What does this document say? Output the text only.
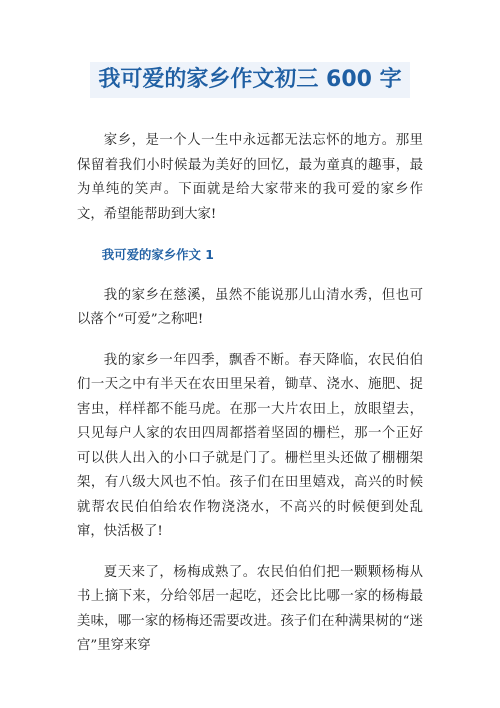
我可爱的家乡作文初三 600 字

家乡，是一个人一生中永远都无法忘怀的地方。那里保留着我们小时候最为美好的回忆，最为童真的趣事，最为单纯的笑声。下面就是给大家带来的我可爱的家乡作文，希望能帮助到大家!

我可爱的家乡作文 1

我的家乡在慈溪，虽然不能说那儿山清水秀，但也可以落个“可爱”之称吧!

我的家乡一年四季，飘香不断。春天降临，农民伯伯们一天之中有半天在农田里呆着，锄草、浇水、施肥、捉害虫，样样都不能马虎。在那一大片农田上，放眼望去，只见每户人家的农田四周都搭着坚固的栅栏，那一个正好可以供人出入的小口子就是门了。栅栏里头还做了棚棚架架，有八级大风也不怕。孩子们在田里嬉戏，高兴的时候就帮农民伯伯给农作物浇浇水，不高兴的时候便到处乱窜，快活极了!

夏天来了，杨梅成熟了。农民伯伯们把一颗颗杨梅从书上摘下来，分给邻居一起吃，还会比比哪一家的杨梅最美味，哪一家的杨梅还需要改进。孩子们在种满果树的“迷宫”里穿来穿
